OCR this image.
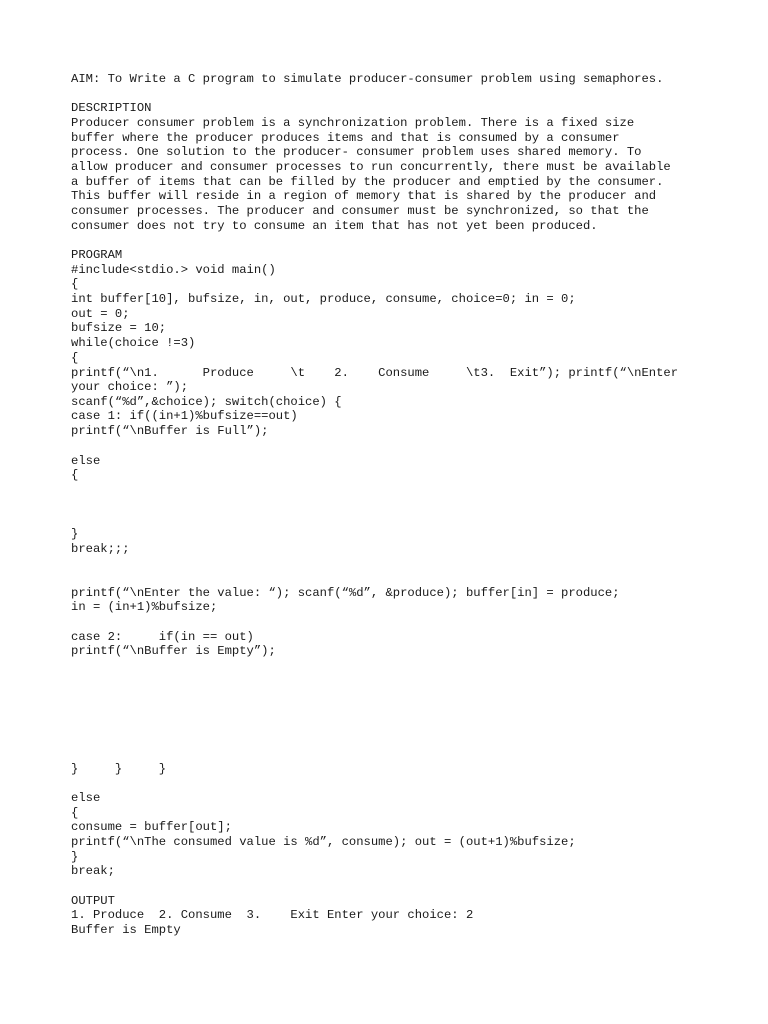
AIM: To Write a C program to simulate producer-consumer problem using semaphores.

DESCRIPTION

Producer consumer problem is a synchronization problem. There is a fixed size

buffer where the producer produces items and that is consumed by a consumer

process. One solution to the producer- consumer problem uses shared memory. To

allow producer and consumer processes to run concurrently, there must be available

a buffer of items that can be filled by the producer and emptied by the consumer.

This buffer will reside in a region of memory that is shared by the producer and

consumer processes. The producer and consumer must be synchronized, so that the

consumer does not try to consume an item that has not yet been produced.

PROGRAM

#include<stdio.> void main()

{

int buffer[10], bufsize, in, out, produce, consume, choice=0; in = 0;

out = 0;

bufsize = 10;

while(choice !=3)

{

printf(“\n1.      Produce     \t    2.    Consume     \t3.  Exit”); printf(“\nEnter

your choice: ”);

scanf(“%d”,&choice); switch(choice) {

case 1: if((in+1)%bufsize==out)

printf(“\nBuffer is Full”);

else

{

}

break;;;

printf(“\nEnter the value: “); scanf(“%d”, &produce); buffer[in] = produce;

in = (in+1)%bufsize;

case 2:     if(in == out)

printf(“\nBuffer is Empty”);

}     }     }

else

{

consume = buffer[out];

printf(“\nThe consumed value is %d”, consume); out = (out+1)%bufsize;

}

break;

OUTPUT

1. Produce  2. Consume  3.    Exit Enter your choice: 2

Buffer is Empty
